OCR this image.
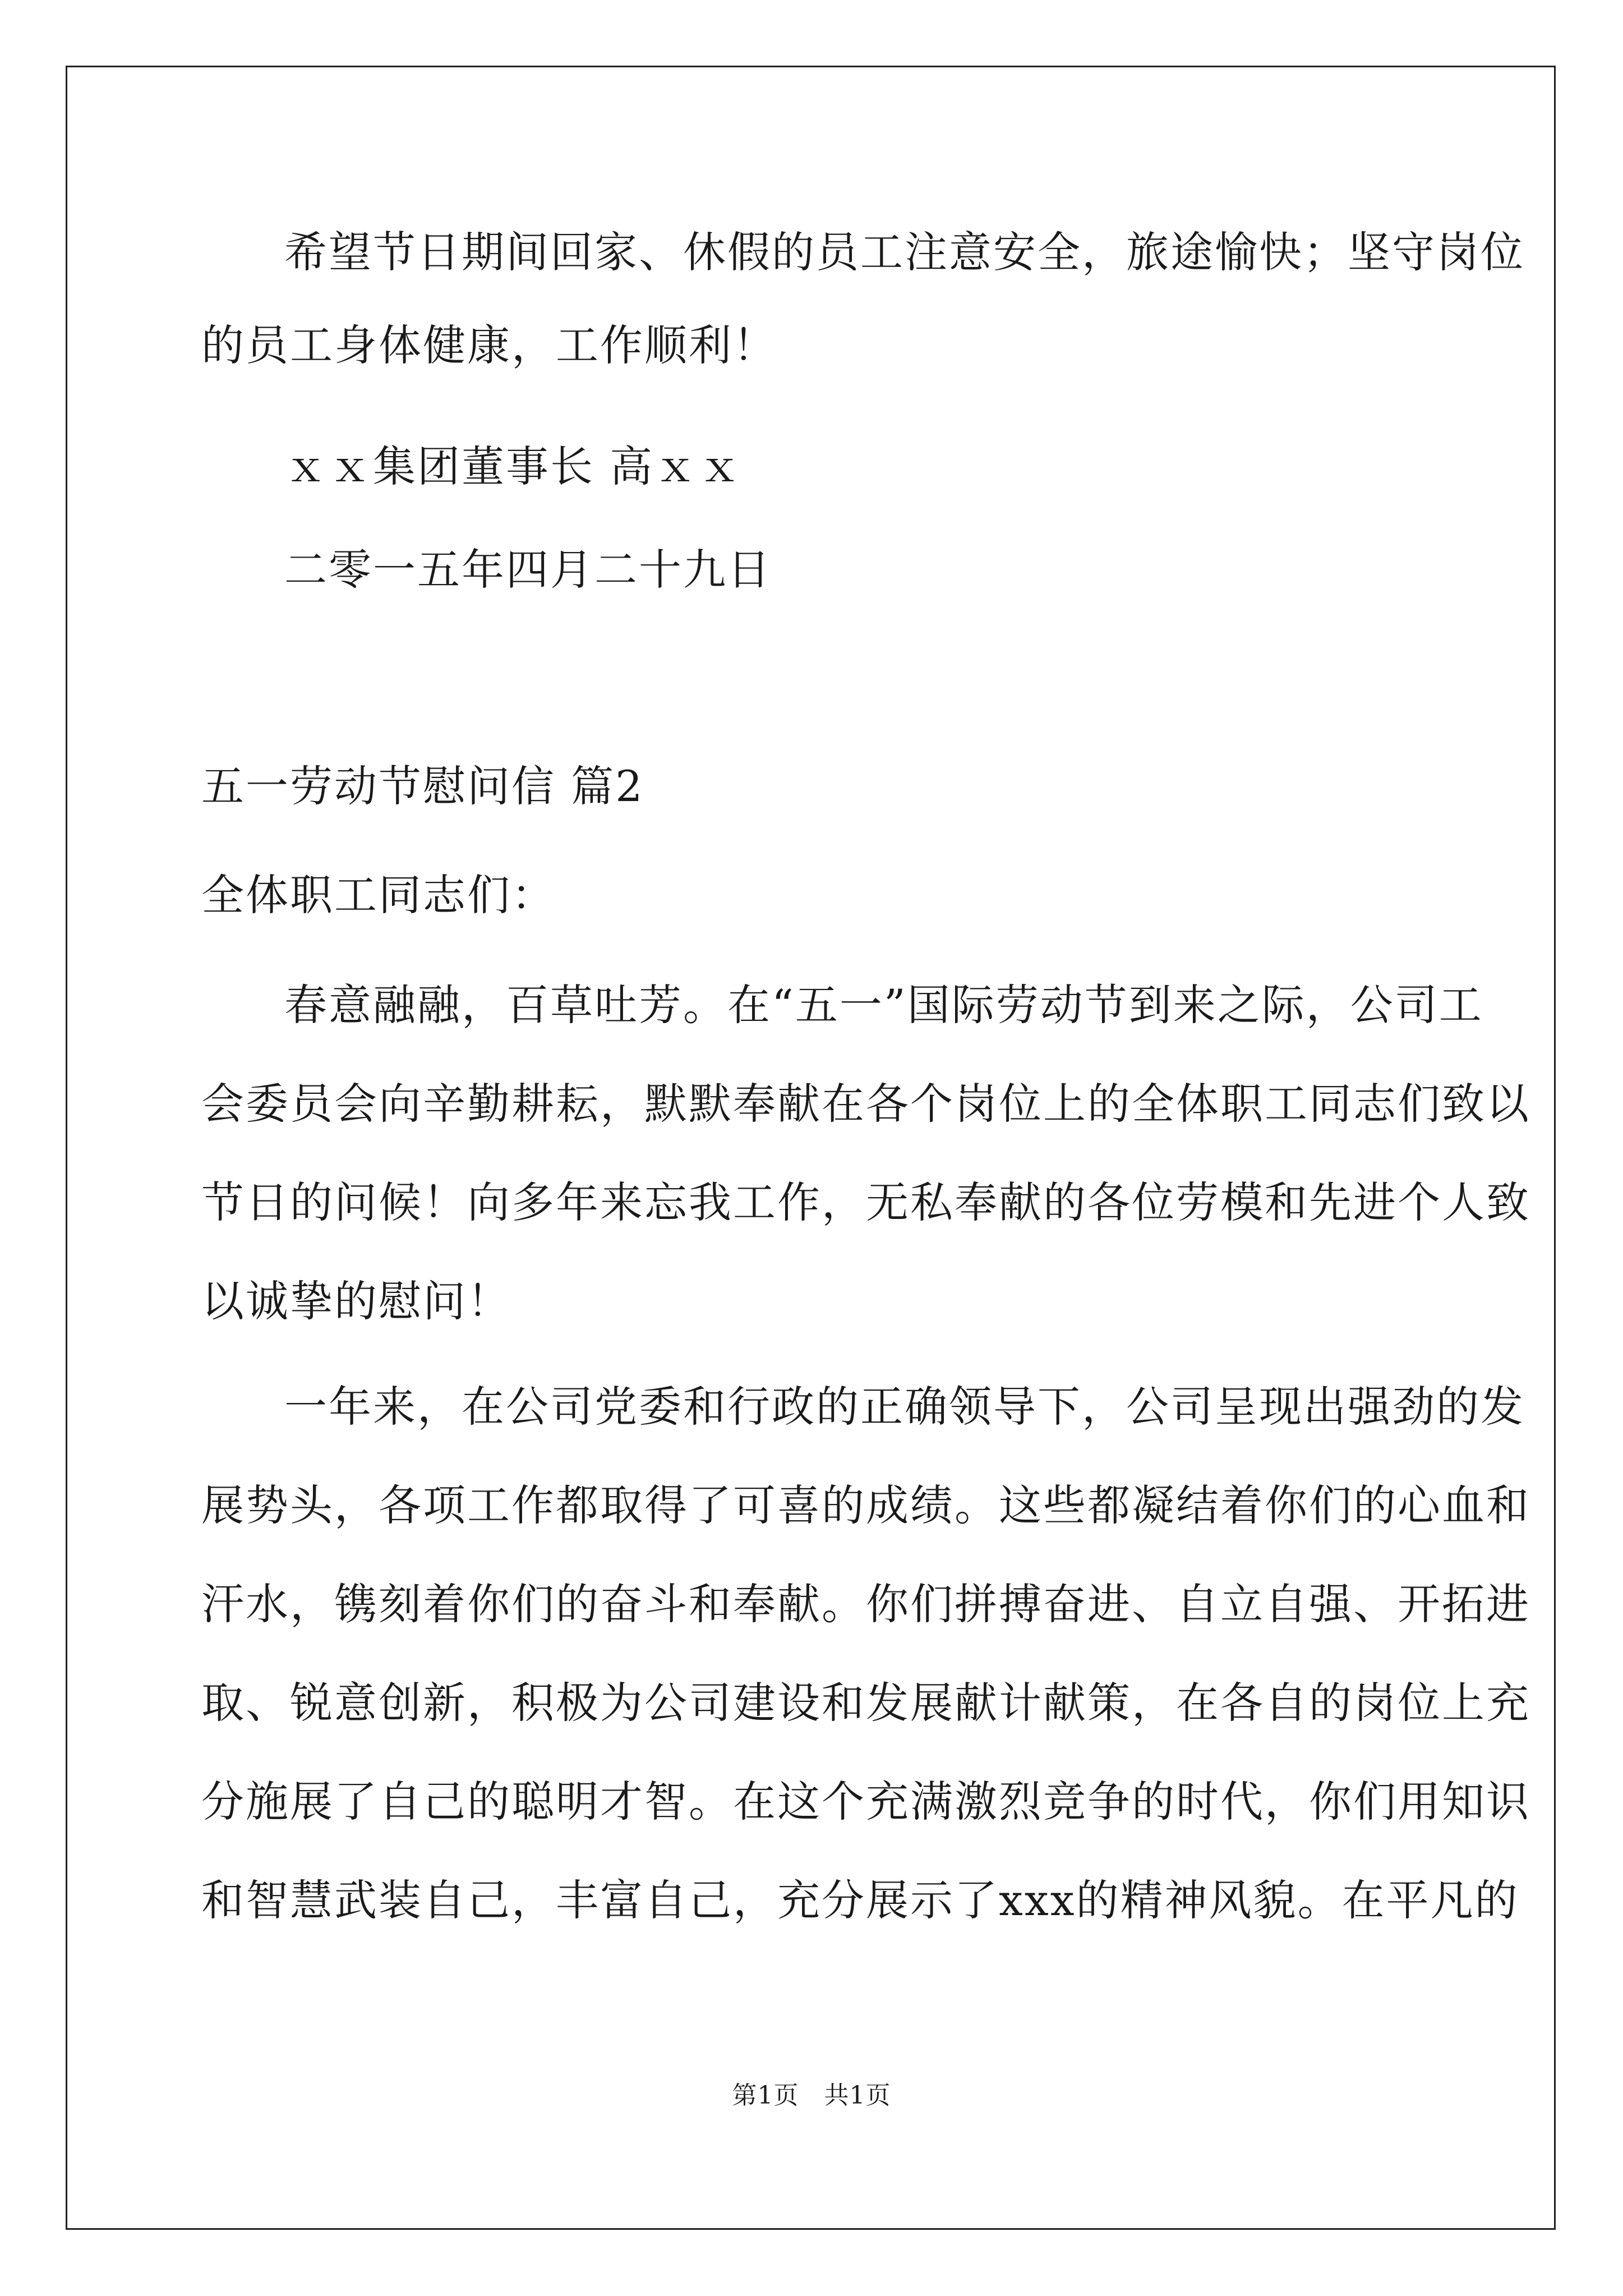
希望节日期间回家、休假的员工注意安全，旅途愉快；坚守岗位

的员工身体健康，工作顺利！

ｘｘ集团董事长 高ｘｘ

二零一五年四月二十九日

五一劳动节慰问信 篇2

全体职工同志们：

春意融融，百草吐芳。在“五一”国际劳动节到来之际，公司工

会委员会向辛勤耕耘，默默奉献在各个岗位上的全体职工同志们致以

节日的问候！向多年来忘我工作，无私奉献的各位劳模和先进个人致

以诚挚的慰问！

一年来，在公司党委和行政的正确领导下，公司呈现出强劲的发

展势头，各项工作都取得了可喜的成绩。这些都凝结着你们的心血和

汗水，镌刻着你们的奋斗和奉献。你们拼搏奋进、自立自强、开拓进

取、锐意创新，积极为公司建设和发展献计献策，在各自的岗位上充

分施展了自己的聪明才智。在这个充满激烈竞争的时代，你们用知识

和智慧武装自己，丰富自己，充分展示了xxx的精神风貌。在平凡的

第1页　共1页
